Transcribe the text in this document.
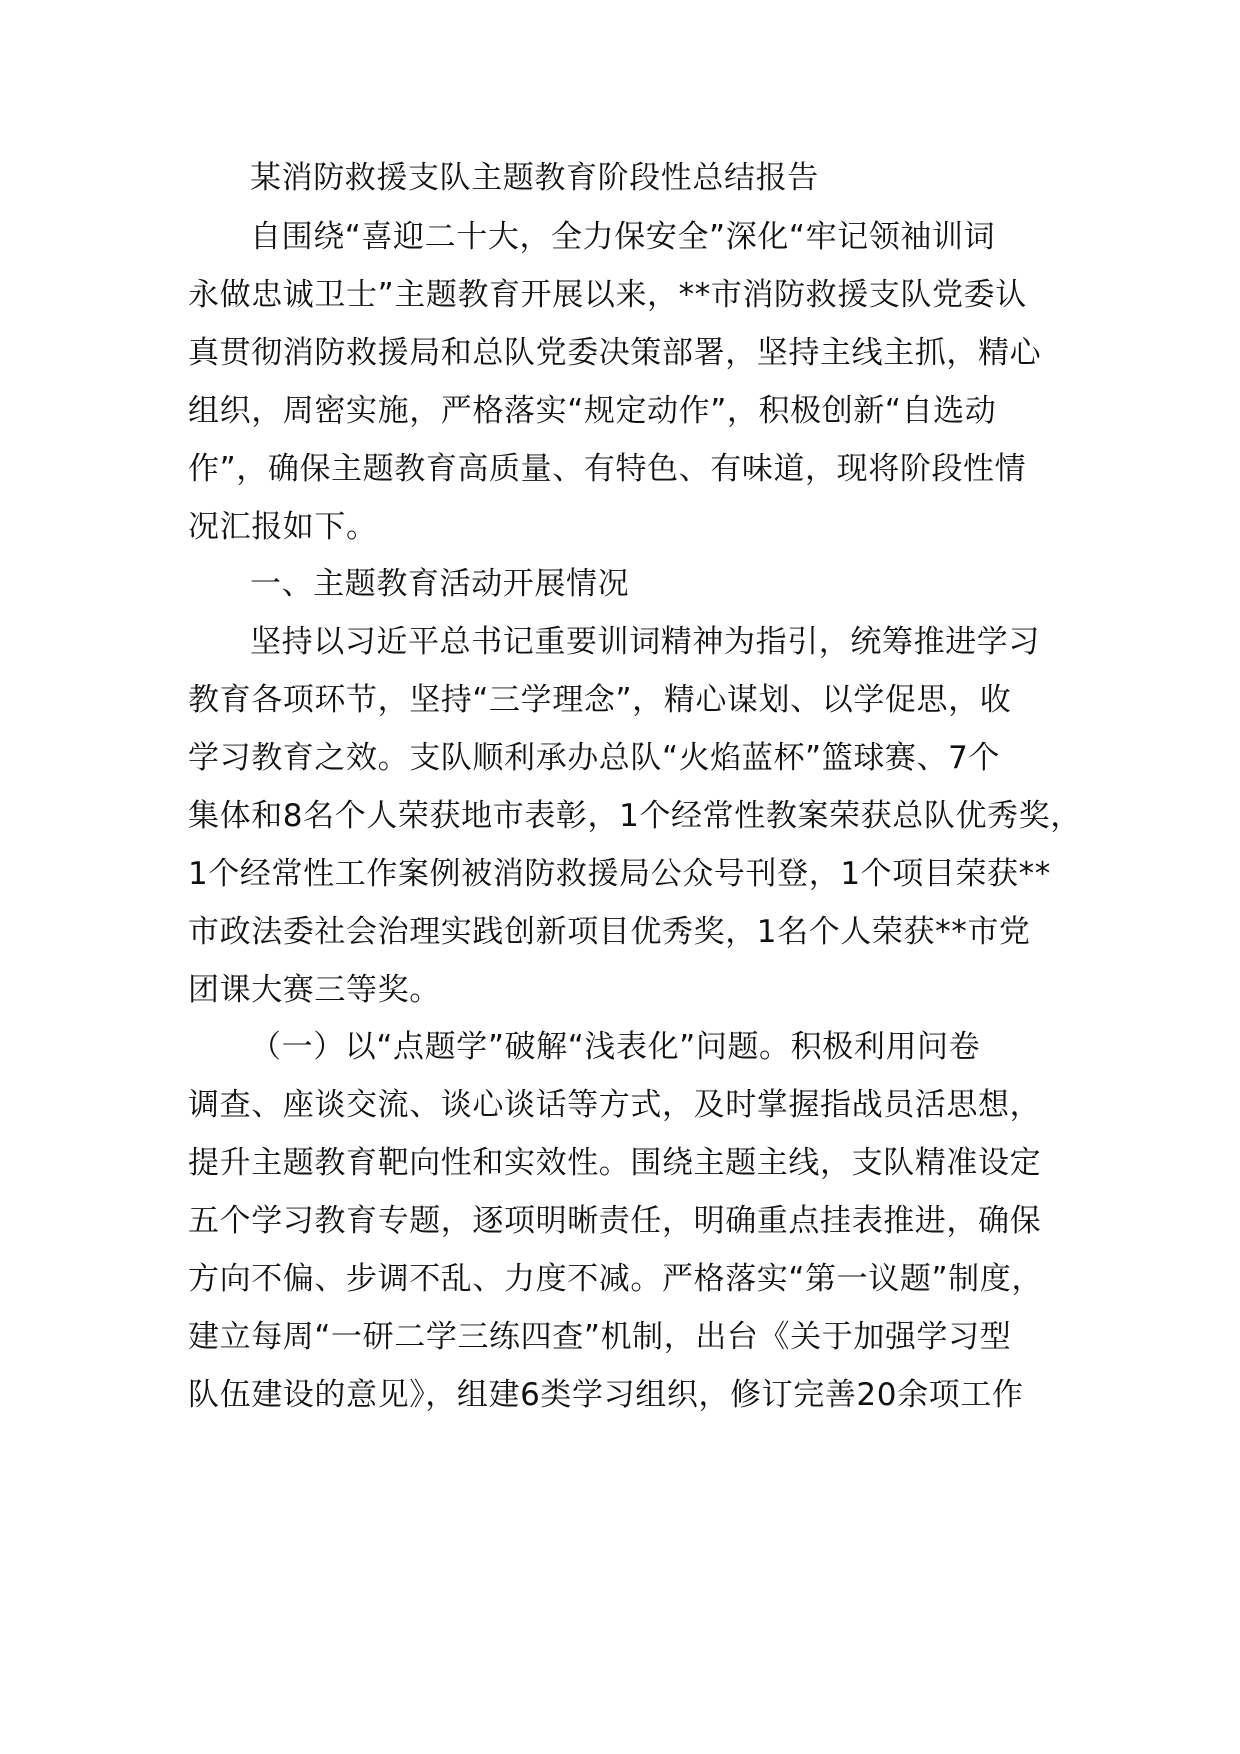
某消防救援支队主题教育阶段性总结报告
自围绕“喜迎二十大，全力保安全”深化“牢记领袖训词
永做忠诚卫士”主题教育开展以来，**市消防救援支队党委认
真贯彻消防救援局和总队党委决策部署，坚持主线主抓，精心
组织，周密实施，严格落实“规定动作”，积极创新“自选动
作”，确保主题教育高质量、有特色、有味道，现将阶段性情
况汇报如下。
一、主题教育活动开展情况
坚持以习近平总书记重要训词精神为指引，统筹推进学习
教育各项环节，坚持“三学理念”，精心谋划、以学促思，收
学习教育之效。支队顺利承办总队“火焰蓝杯”篮球赛、7个
集体和8名个人荣获地市表彰，1个经常性教案荣获总队优秀奖，
1个经常性工作案例被消防救援局公众号刊登，1个项目荣获**
市政法委社会治理实践创新项目优秀奖，1名个人荣获**市党
团课大赛三等奖。
（一）以“点题学”破解“浅表化”问题。积极利用问卷
调查、座谈交流、谈心谈话等方式，及时掌握指战员活思想，
提升主题教育靶向性和实效性。围绕主题主线，支队精准设定
五个学习教育专题，逐项明晰责任，明确重点挂表推进，确保
方向不偏、步调不乱、力度不减。严格落实“第一议题”制度，
建立每周“一研二学三练四查”机制，出台《关于加强学习型
队伍建设的意见》，组建6类学习组织，修订完善20余项工作
